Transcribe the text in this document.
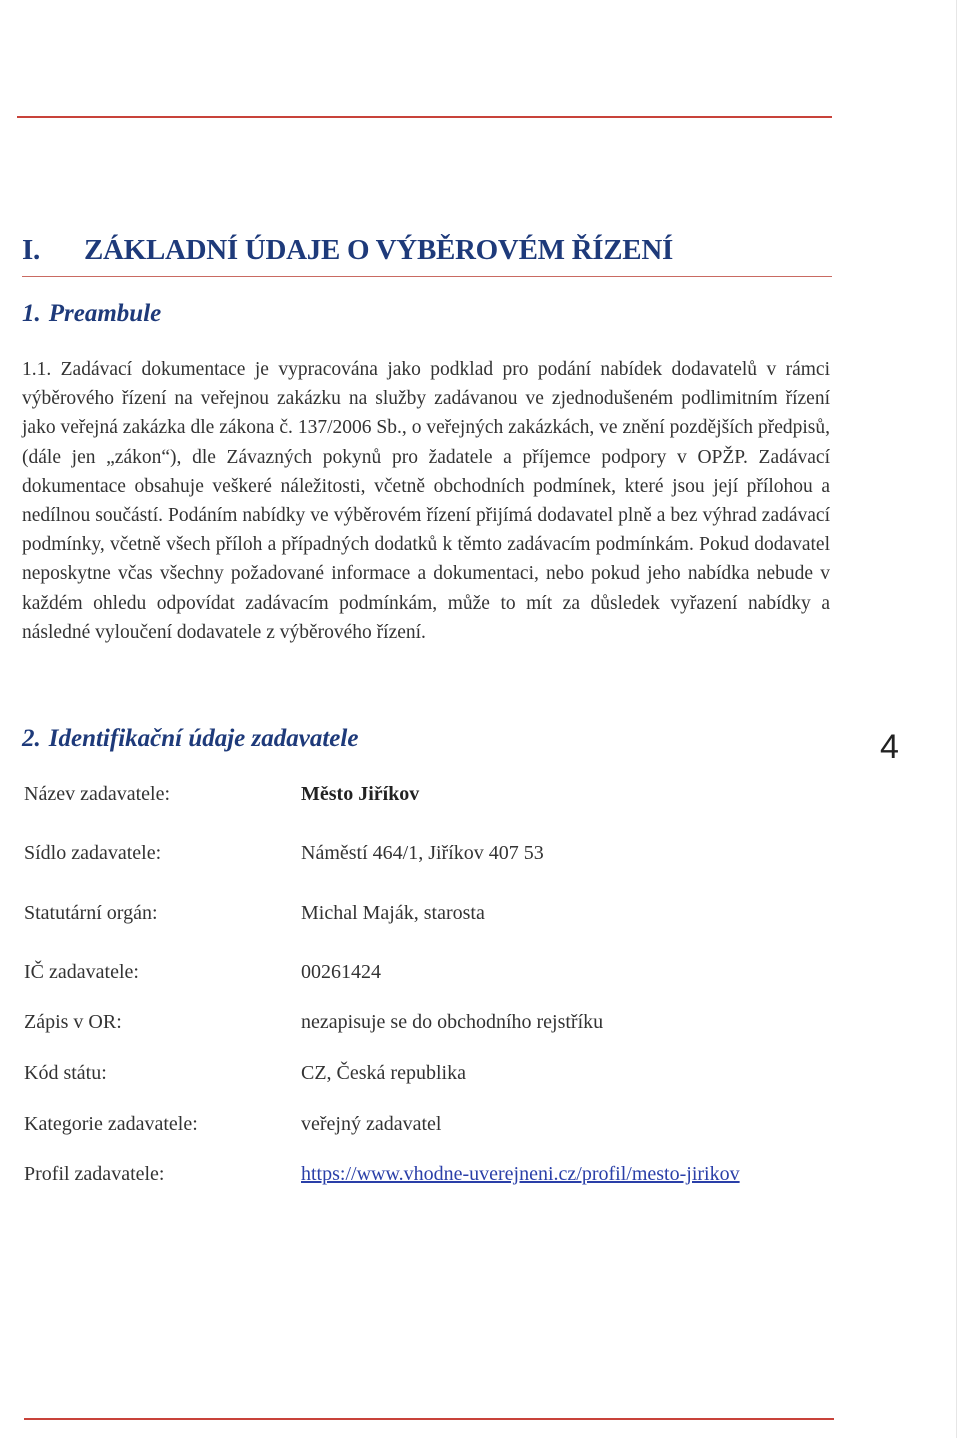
I. ZÁKLADNÍ ÚDAJE O VÝBĚROVÉM ŘÍZENÍ
1. Preambule
1.1. Zadávací dokumentace je vypracována jako podklad pro podání nabídek dodavatelů v rámci výběrového řízení na veřejnou zakázku na služby zadávanou ve zjednodušeném podlimitním řízení jako veřejná zakázka dle zákona č. 137/2006 Sb., o veřejných zakázkách, ve znění pozdějších předpisů, (dále jen „zákon“), dle Závazných pokynů pro žadatele a příjemce podpory v OPŽP. Zadávací dokumentace obsahuje veškeré náležitosti, včetně obchodních podmínek, které jsou její přílohou a nedílnou součástí. Podáním nabídky ve výběrovém řízení přijímá dodavatel plně a bez výhrad zadávací podmínky, včetně všech příloh a případných dodatků k těmto zadávacím podmínkám. Pokud dodavatel neposkytne včas všechny požadované informace a dokumentaci, nebo pokud jeho nabídka nebude v každém ohledu odpovídat zadávacím podmínkám, může to mít za důsledek vyřazení nabídky a následné vyloučení dodavatele z výběrového řízení.
2. Identifikační údaje zadavatele	4
Název zadavatele:	Město Jiříkov
Sídlo zadavatele:	Náměstí 464/1, Jiříkov 407 53
Statutární orgán:	Michal Maják, starosta
IČ zadavatele:	00261424
Zápis v OR:	nezapisuje se do obchodního rejstříku
Kód státu:	CZ, Česká republika
Kategorie zadavatele:	veřejný zadavatel
Profil zadavatele:	https://www.vhodne-uverejneni.cz/profil/mesto-jirikov
